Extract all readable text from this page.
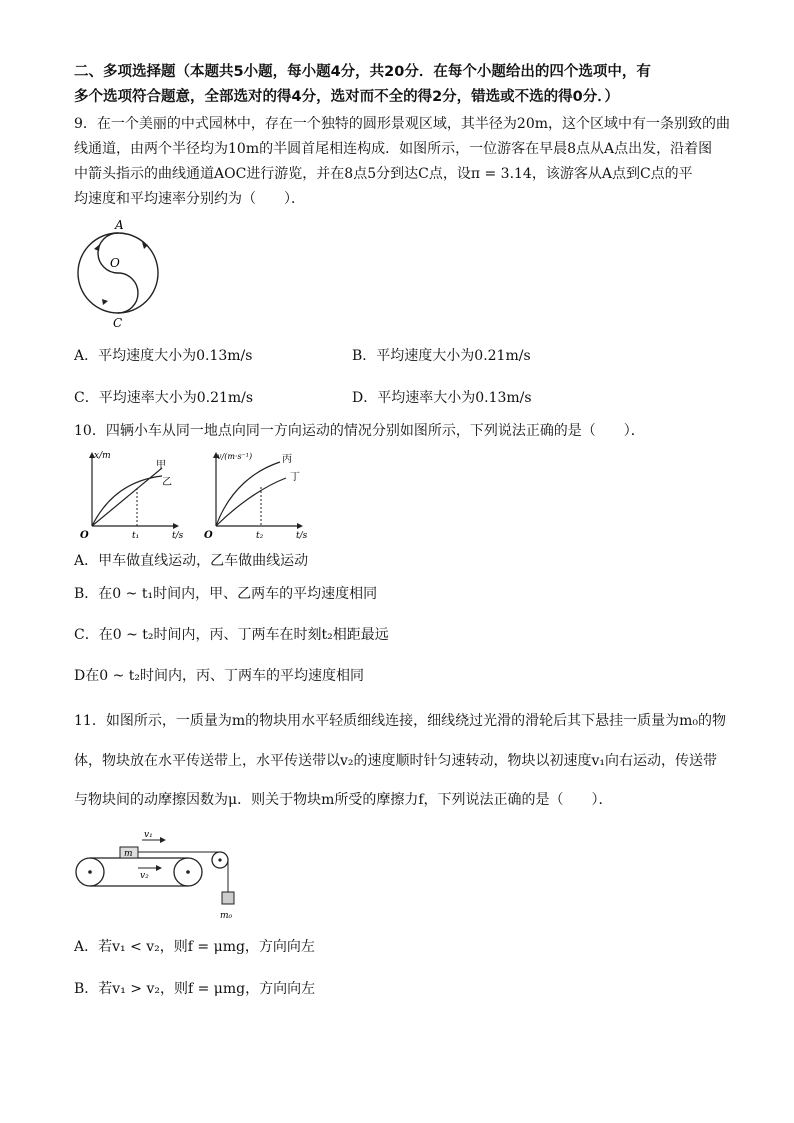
二、多项选择题（本题共5小题，每小题4分，共20分．在每个小题给出的四个选项中，有
多个选项符合题意，全部选对的得4分，选对而不全的得2分，错选或不选的得0分．）
9．在一个美丽的中式园林中，存在一个独特的圆形景观区域，其半径为20m，这个区域中有一条别致的曲
线通道，由两个半径均为10m的半圆首尾相连构成．如图所示，一位游客在早晨8点从A点出发，沿着图
中箭头指示的曲线通道AOC进行游览，并在8点5分到达C点，设π = 3.14，该游客从A点到C点的平
均速度和平均速率分别约为（　　）．
A
O
C
A．平均速度大小为0.13m/s	B．平均速度大小为0.21m/s
C．平均速率大小为0.21m/s	D．平均速率大小为0.13m/s
10．四辆小车从同一地点向同一方向运动的情况分别如图所示，下列说法正确的是（　　）．
x/m
t/s
O	t₁
甲
乙
v/(m·s⁻¹)
t/s
O	t₂
丙
丁
A．甲车做直线运动，乙车做曲线运动
B．在0 ~ t₁时间内，甲、乙两车的平均速度相同
C．在0 ~ t₂时间内，丙、丁两车在时刻t₂相距最远
D在0 ~ t₂时间内，丙、丁两车的平均速度相同
11．如图所示，一质量为m的物块用水平轻质细线连接，细线绕过光滑的滑轮后其下悬挂一质量为m₀的物
体，物块放在水平传送带上，水平传送带以v₂的速度顺时针匀速转动，物块以初速度v₁向右运动，传送带
与物块间的动摩擦因数为μ．则关于物块m所受的摩擦力f，下列说法正确的是（　　）．
m
v₁
v₂
m₀
A．若v₁ < v₂，则f = μmg，方向向左
B．若v₁ > v₂，则f = μmg，方向向左
